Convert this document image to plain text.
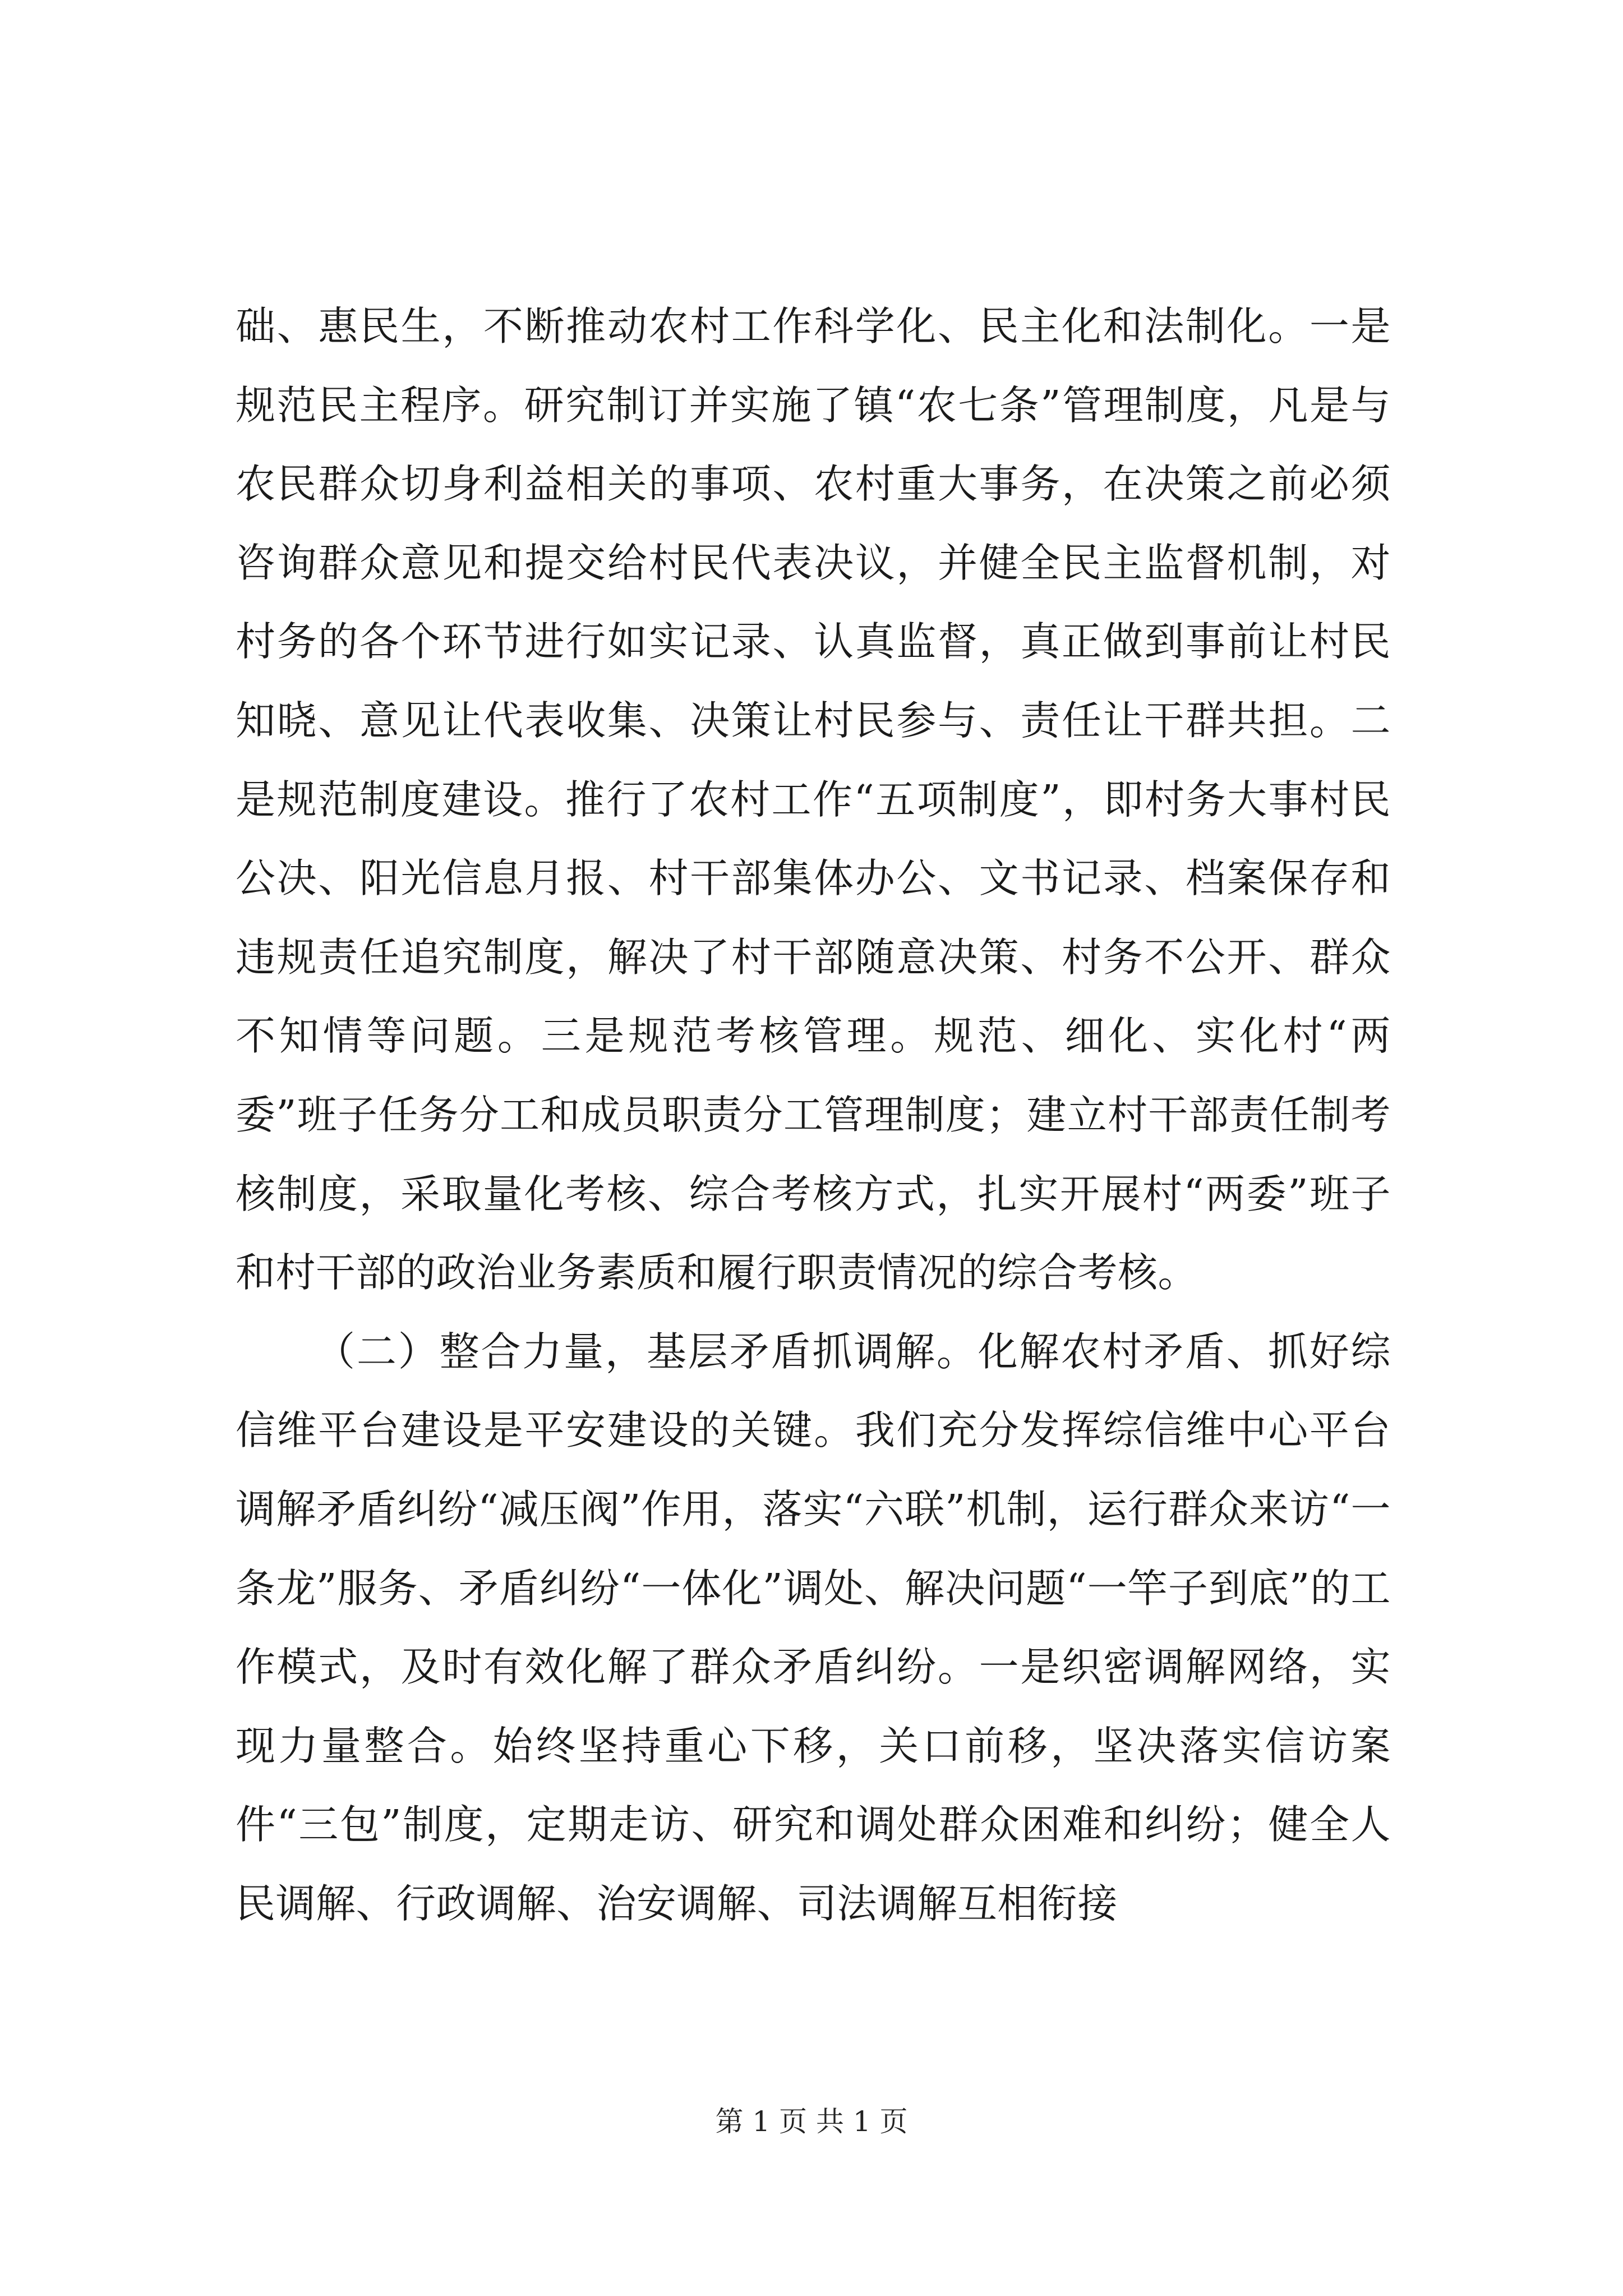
础、惠民生，不断推动农村工作科学化、民主化和法制化。一是规范民主程序。研究制订并实施了镇“农七条”管理制度，凡是与农民群众切身利益相关的事项、农村重大事务，在决策之前必须咨询群众意见和提交给村民代表决议，并健全民主监督机制，对村务的各个环节进行如实记录、认真监督，真正做到事前让村民知晓、意见让代表收集、决策让村民参与、责任让干群共担。二是规范制度建设。推行了农村工作“五项制度”，即村务大事村民公决、阳光信息月报、村干部集体办公、文书记录、档案保存和违规责任追究制度，解决了村干部随意决策、村务不公开、群众不知情等问题。三是规范考核管理。规范、细化、实化村“两委”班子任务分工和成员职责分工管理制度；建立村干部责任制考核制度，采取量化考核、综合考核方式，扎实开展村“两委”班子和村干部的政治业务素质和履行职责情况的综合考核。

（二）整合力量，基层矛盾抓调解。化解农村矛盾、抓好综信维平台建设是平安建设的关键。我们充分发挥综信维中心平台调解矛盾纠纷“减压阀”作用，落实“六联”机制，运行群众来访“一条龙”服务、矛盾纠纷“一体化”调处、解决问题“一竿子到底”的工作模式，及时有效化解了群众矛盾纠纷。一是织密调解网络，实现力量整合。始终坚持重心下移，关口前移，坚决落实信访案件“三包”制度，定期走访、研究和调处群众困难和纠纷；健全人民调解、行政调解、治安调解、司法调解互相衔接

第 1 页 共 1 页
